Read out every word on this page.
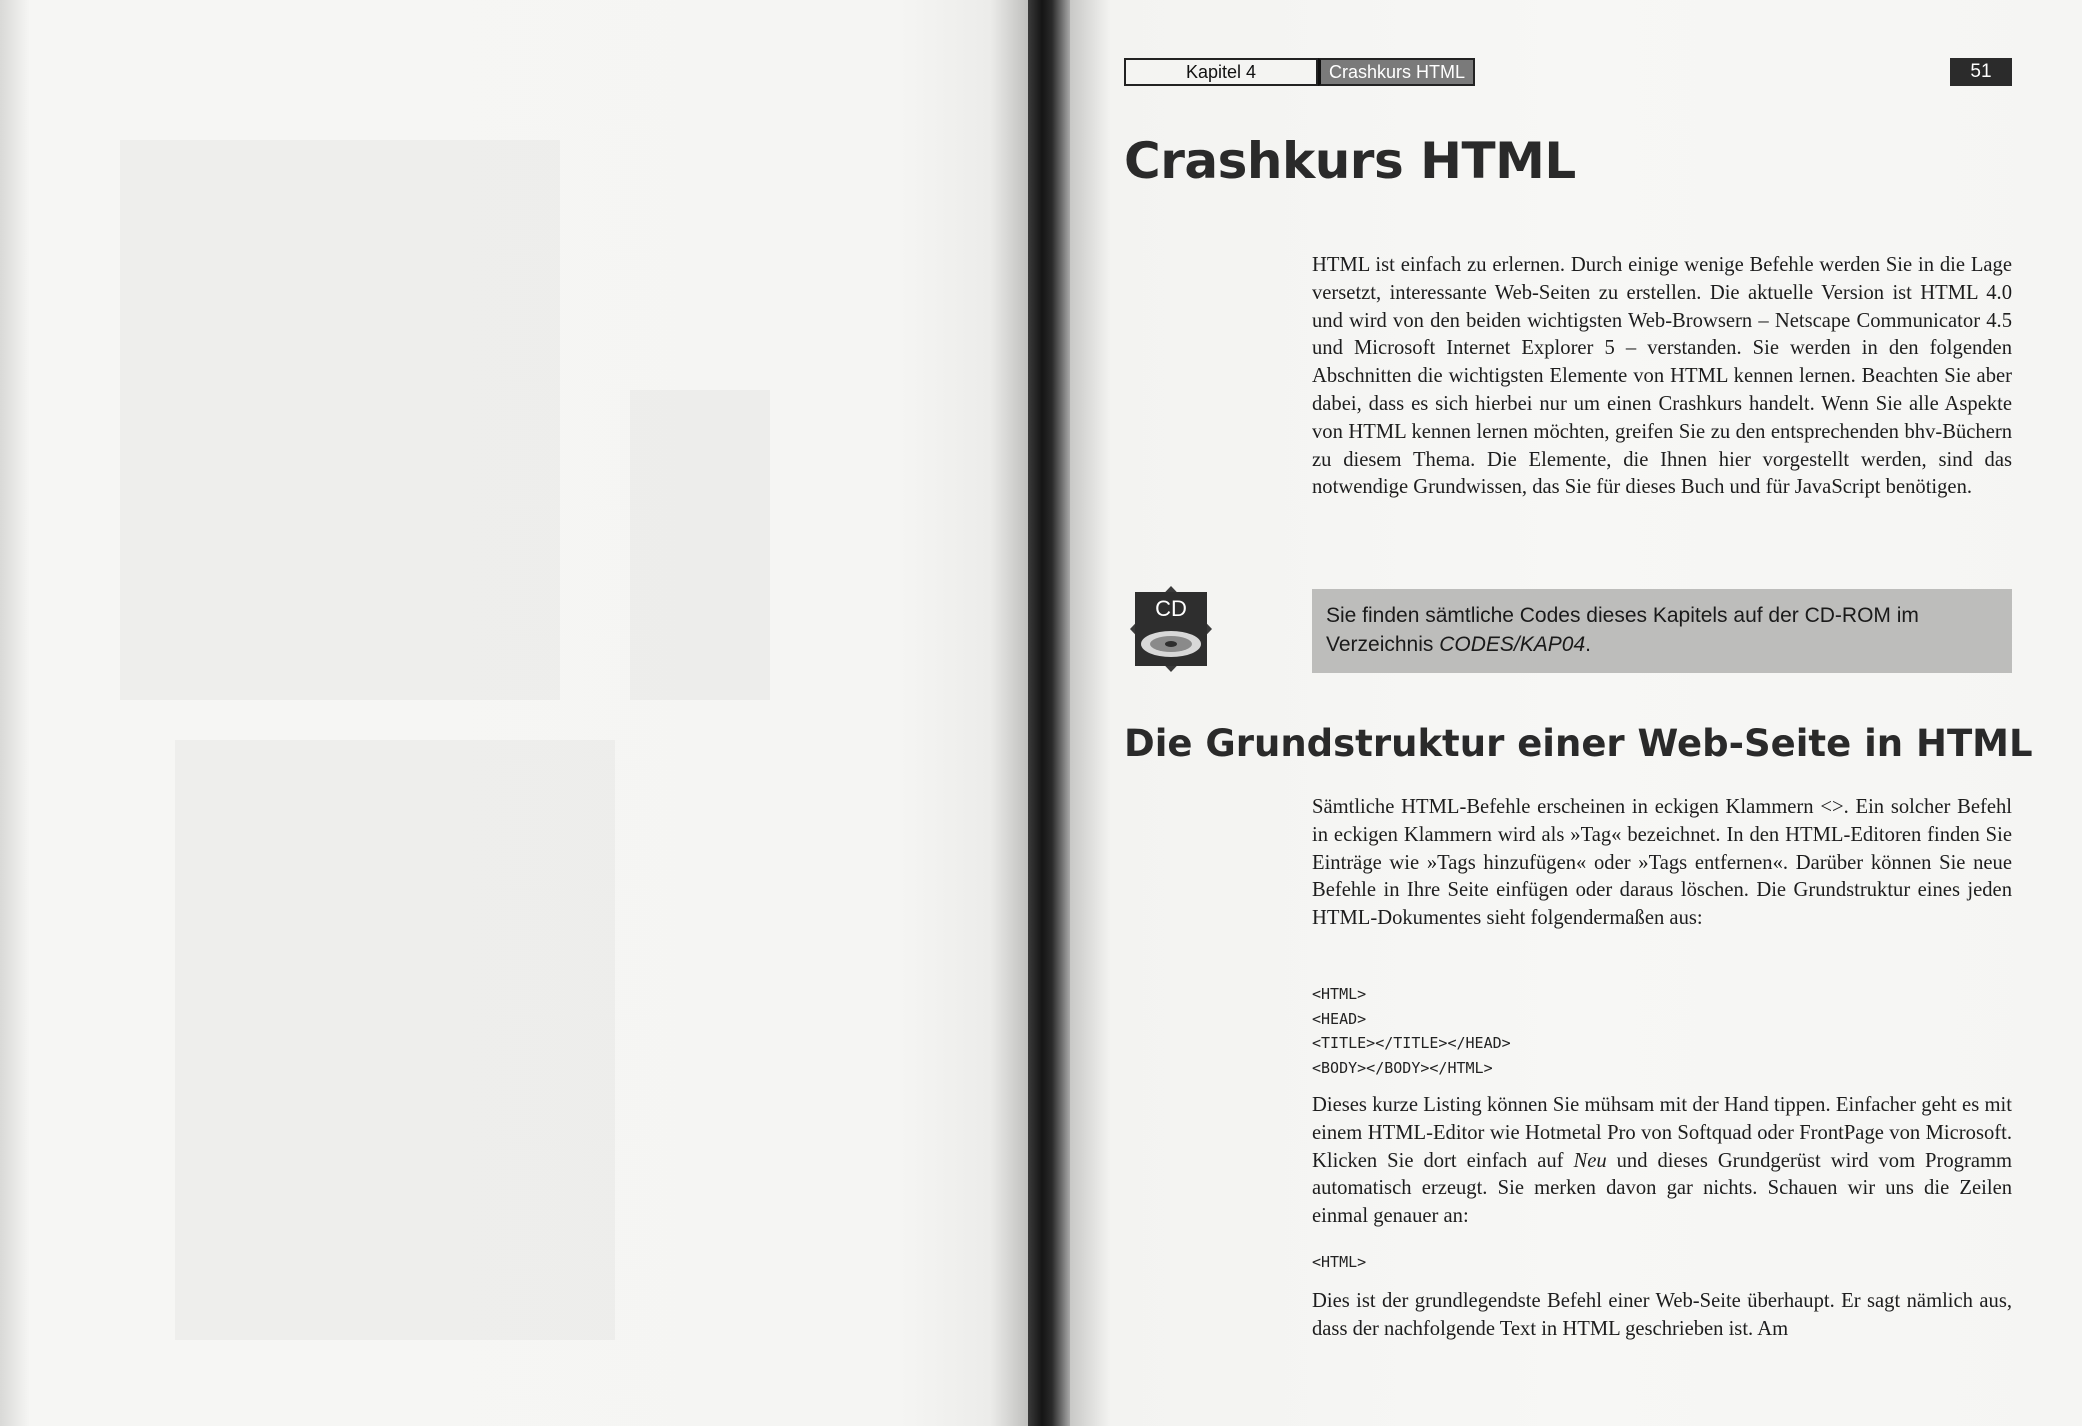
Kapitel 4	Crashkurs HTML	51
Crashkurs HTML

HTML ist einfach zu erlernen. Durch einige wenige Befehle werden Sie in die Lage versetzt, interessante Web-Seiten zu erstellen. Die aktuelle Version ist HTML 4.0 und wird von den beiden wichtigsten Web-Browsern – Netscape Communicator 4.5 und Microsoft Internet Explorer 5 – verstanden. Sie werden in den folgenden Abschnitten die wichtigsten Elemente von HTML kennen lernen. Beachten Sie aber dabei, dass es sich hierbei nur um einen Crashkurs handelt. Wenn Sie alle Aspekte von HTML kennen lernen möchten, greifen Sie zu den entsprechenden bhv-Büchern zu diesem Thema. Die Elemente, die Ihnen hier vorgestellt werden, sind das notwendige Grundwissen, das Sie für dieses Buch und für JavaScript benötigen.

CD	Sie finden sämtliche Codes dieses Kapitels auf der CD-ROM im Verzeichnis CODES/KAP04.
Die Grundstruktur einer Web-Seite in HTML

Sämtliche HTML-Befehle erscheinen in eckigen Klammern <>. Ein solcher Befehl in eckigen Klammern wird als »Tag« bezeichnet. In den HTML-Editoren finden Sie Einträge wie »Tags hinzufügen« oder »Tags entfernen«. Darüber können Sie neue Befehle in Ihre Seite einfügen oder daraus löschen. Die Grundstruktur eines jeden HTML-Dokumentes sieht folgendermaßen aus:

<HTML>
<HEAD>
<TITLE></TITLE></HEAD>
<BODY></BODY></HTML>

Dieses kurze Listing können Sie mühsam mit der Hand tippen. Einfacher geht es mit einem HTML-Editor wie Hotmetal Pro von Softquad oder FrontPage von Microsoft. Klicken Sie dort einfach auf Neu und dieses Grundgerüst wird vom Programm automatisch erzeugt. Sie merken davon gar nichts. Schauen wir uns die Zeilen einmal genauer an:

<HTML>

Dies ist der grundlegendste Befehl einer Web-Seite überhaupt. Er sagt nämlich aus, dass der nachfolgende Text in HTML geschrieben ist. Am
